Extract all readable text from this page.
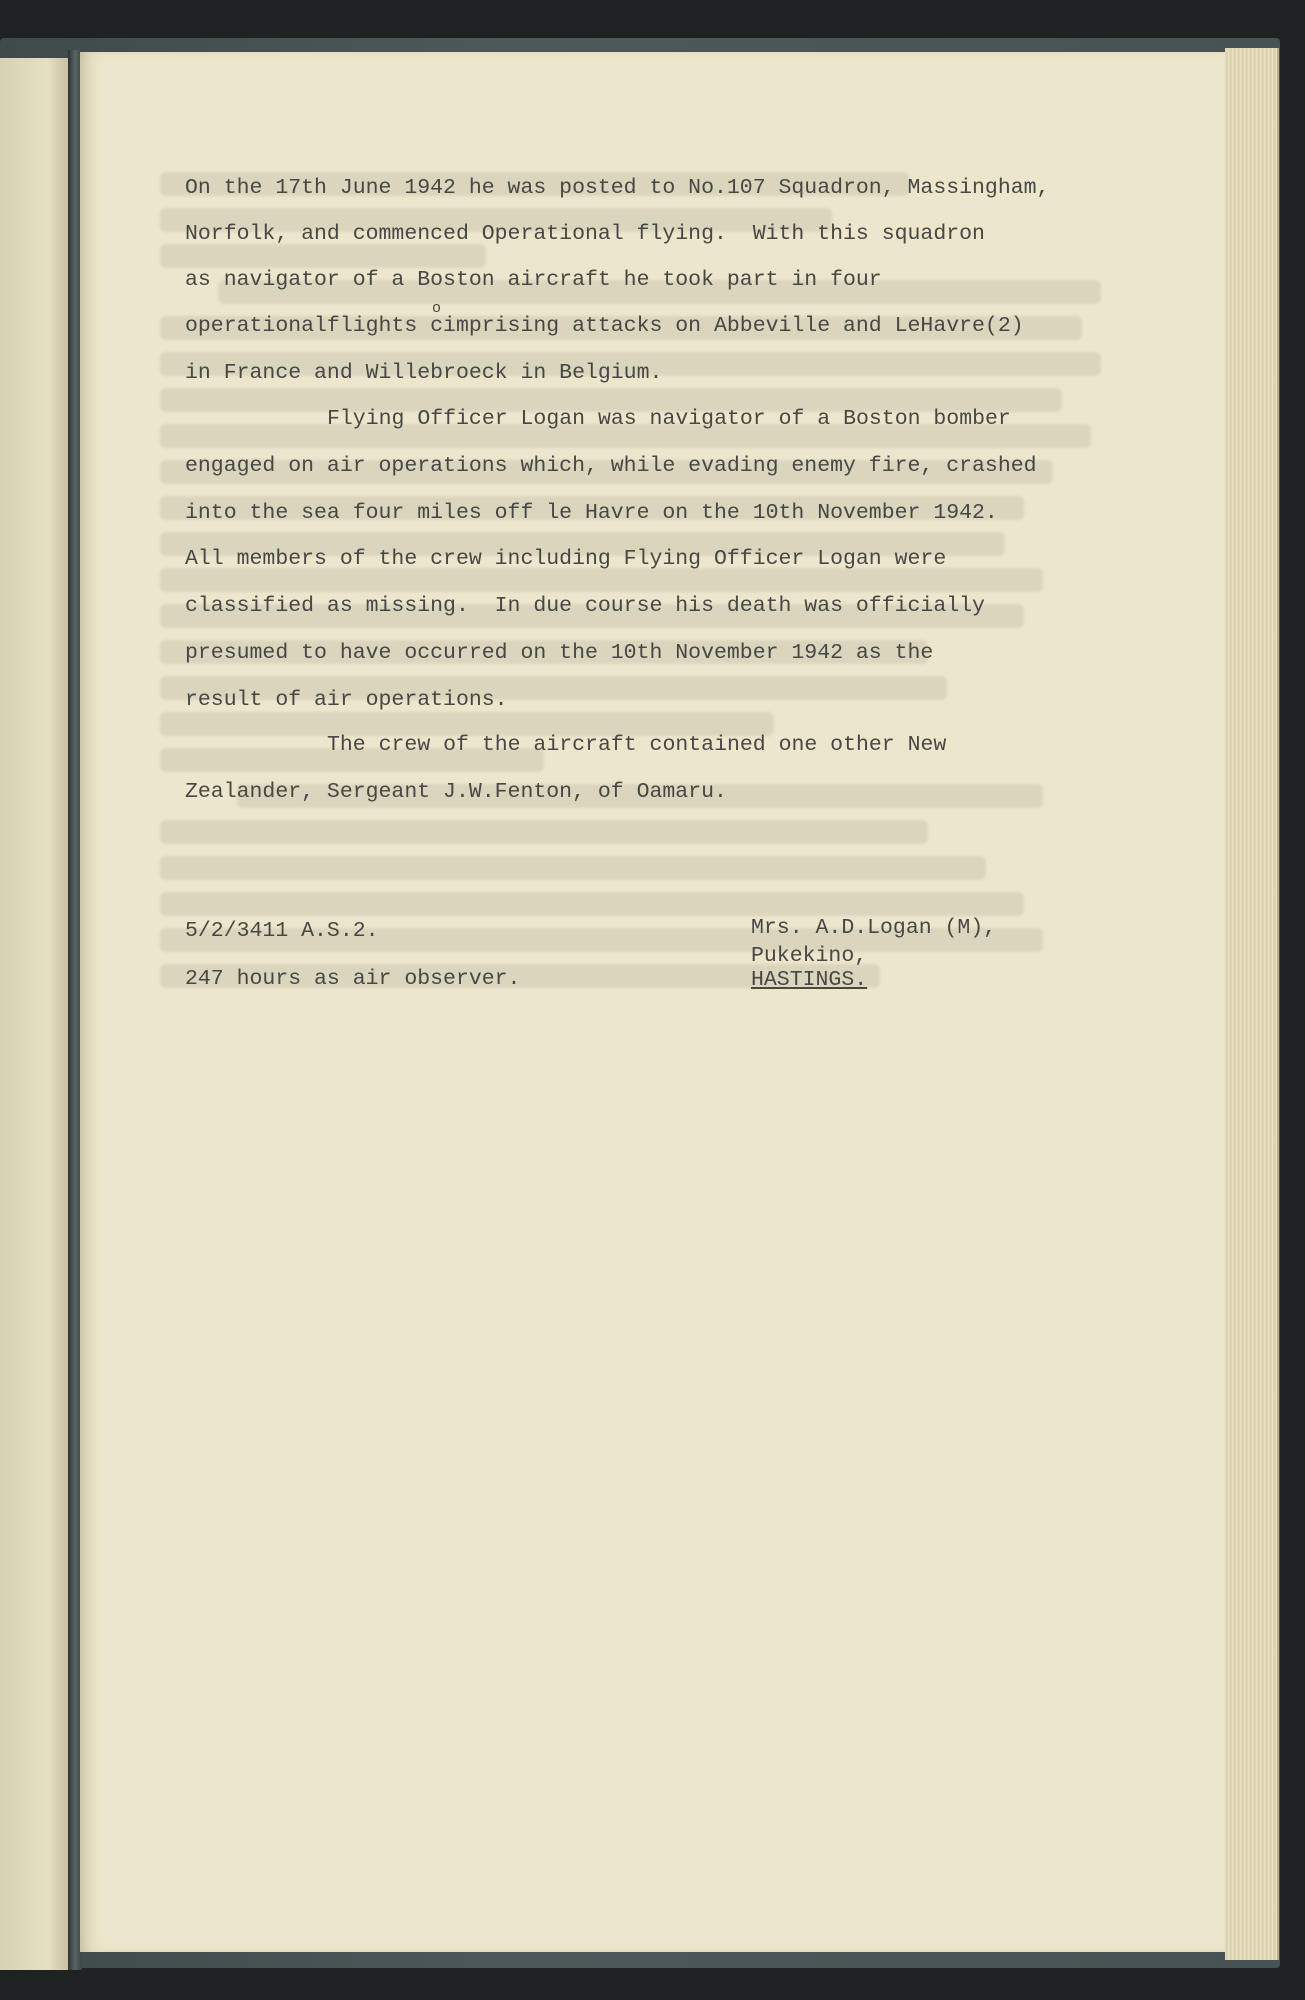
On the 17th June 1942 he was posted to No.107 Squadron, Massingham,
Norfolk, and commenced Operational flying.  With this squadron
as navigator of a Boston aircraft he took part in four
o
operationalflights cimprising attacks on Abbeville and LeHavre(2)
in France and Willebroeck in Belgium.
Flying Officer Logan was navigator of a Boston bomber
engaged on air operations which, while evading enemy fire, crashed
into the sea four miles off le Havre on the 10th November 1942.
All members of the crew including Flying Officer Logan were
classified as missing.  In due course his death was officially
presumed to have occurred on the 10th November 1942 as the
result of air operations.
The crew of the aircraft contained one other New
Zealander, Sergeant J.W.Fenton, of Oamaru.
5/2/3411 A.S.2.
247 hours as air observer.
Mrs. A.D.Logan (M),
Pukekino,
HASTINGS.
